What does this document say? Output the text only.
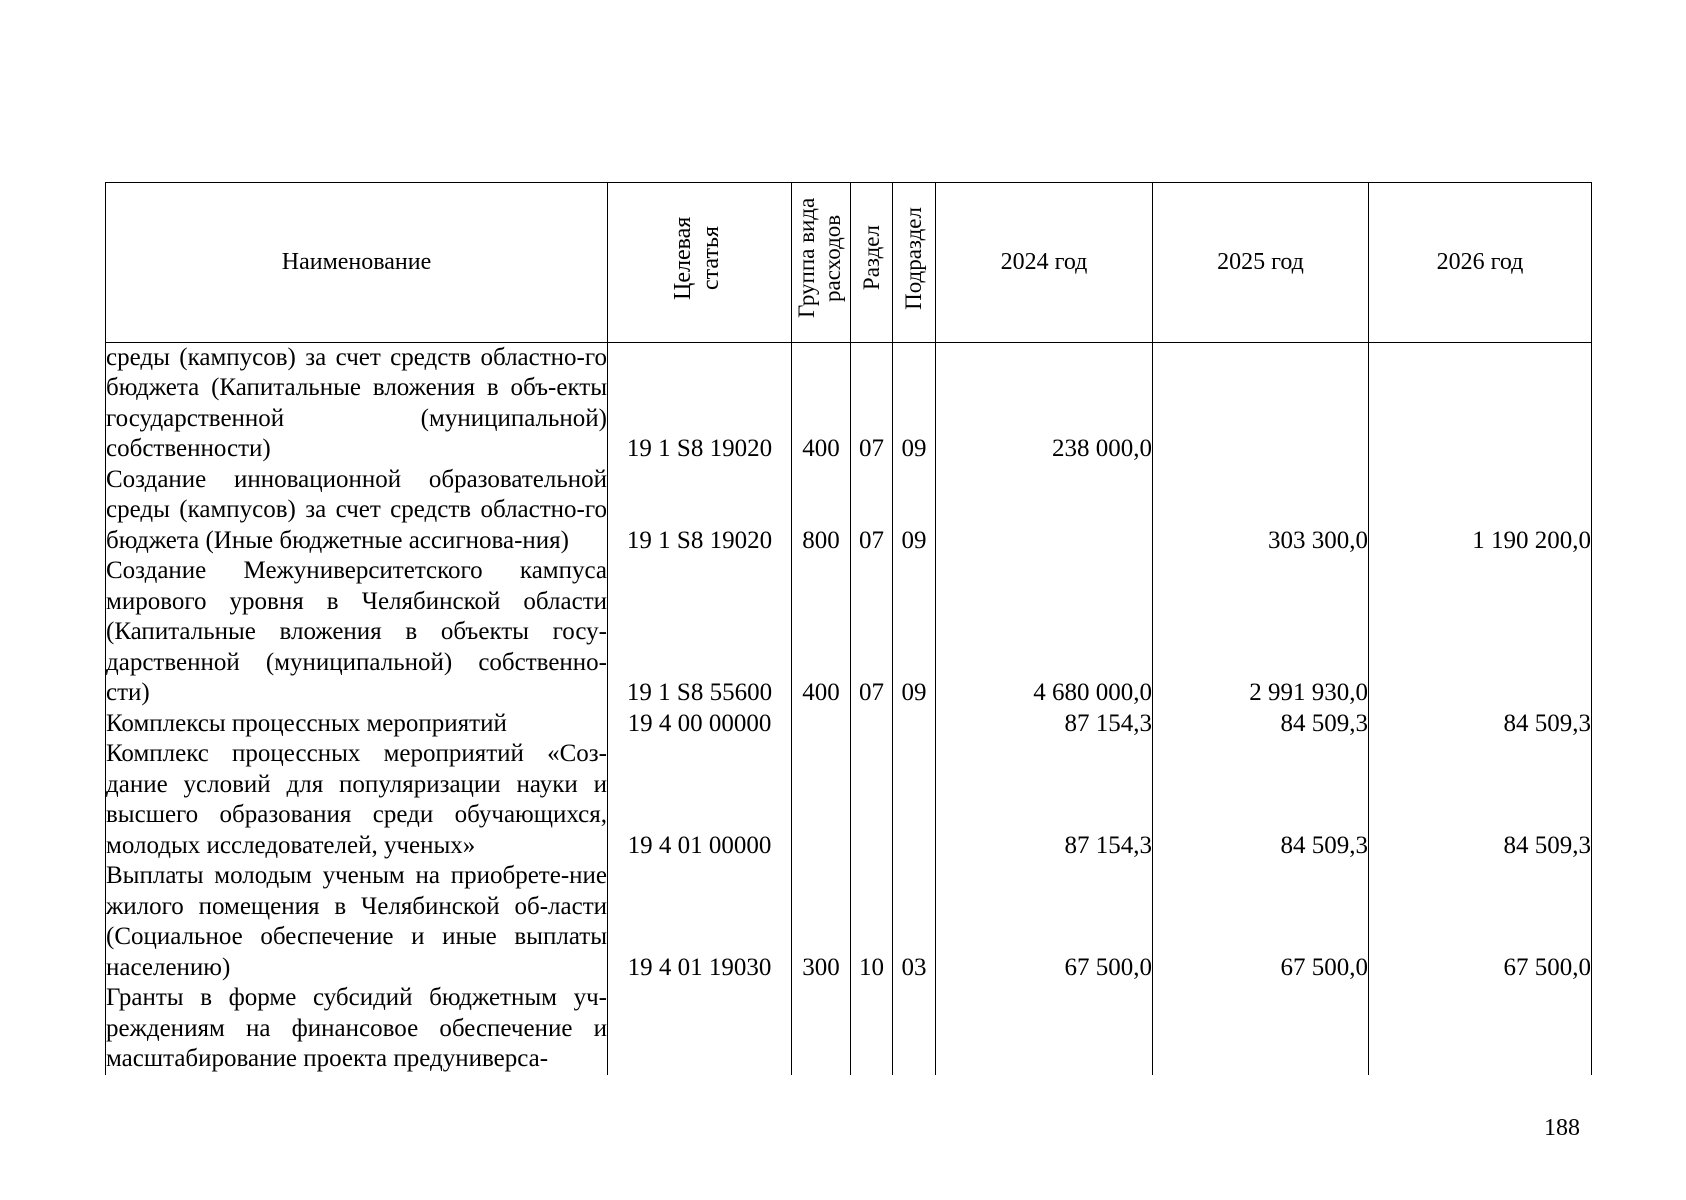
Наименование	Целевая статья	Группа вида расходов	Раздел	Подраздел	2024 год	2025 год	2026 год
среды (кампусов) за счет средств областно-го бюджета (Капитальные вложения в объ-екты государственной (муниципальной) собственности)	19 1 S8 19020	400	07	09	238 000,0		
Создание инновационной образовательной среды (кампусов) за счет средств областно-го бюджета (Иные бюджетные ассигнова-ния)	19 1 S8 19020	800	07	09		303 300,0	1 190 200,0
Создание Межуниверситетского кампуса мирового уровня в Челябинской области (Капитальные вложения в объекты госу-дарственной (муниципальной) собственно-сти)	19 1 S8 55600	400	07	09	4 680 000,0	2 991 930,0	
Комплексы процессных мероприятий	19 4 00 00000				87 154,3	84 509,3	84 509,3
Комплекс процессных мероприятий «Соз-дание условий для популяризации науки и высшего образования среди обучающихся, молодых исследователей, ученых»	19 4 01 00000				87 154,3	84 509,3	84 509,3
Выплаты молодым ученым на приобрете-ние жилого помещения в Челябинской об-ласти (Социальное обеспечение и иные выплаты населению)	19 4 01 19030	300	10	03	67 500,0	67 500,0	67 500,0
Гранты в форме субсидий бюджетным уч-реждениям на финансовое обеспечение и масштабирование проекта предуниверса-							
188
